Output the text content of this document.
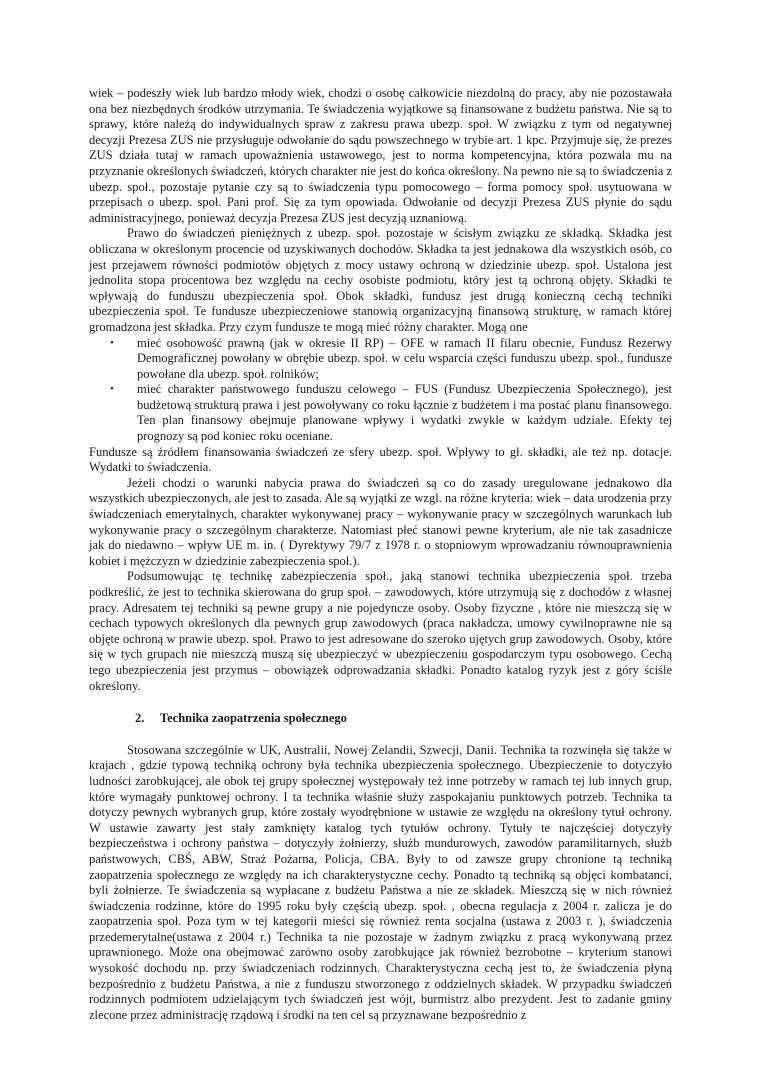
wiek – podeszły wiek lub bardzo młody wiek, chodzi o osobę całkowicie niezdolną do pracy, aby nie pozostawała ona bez niezbędnych środków utrzymania. Te świadczenia wyjątkowe są finansowane z budżetu państwa. Nie są to sprawy, które należą do indywidualnych spraw z zakresu prawa ubezp. społ. W związku z tym od negatywnej decyzji Prezesa ZUS nie przysługuje odwołanie do sądu powszechnego w trybie art. 1 kpc. Przyjmuje się, że prezes ZUS działa tutaj w ramach upoważnienia ustawowego, jest to norma kompetencyjna, która pozwala mu na przyznanie określonych świadczeń, których charakter nie jest do końca określony. Na pewno nie są to świadczenia z ubezp. społ., pozostaje pytanie czy są to świadczenia typu pomocowego – forma pomocy społ. usytuowana w przepisach o ubezp. społ. Pani prof. Się za tym opowiada. Odwołanie od decyzji Prezesa ZUS płynie do sądu administracyjnego, ponieważ decyzja Prezesa ZUS jest decyzją uznaniową.

Prawo do świadczeń pieniężnych z ubezp. społ. pozostaje w ścisłym związku ze składką. Składka jest obliczana w określonym procencie od uzyskiwanych dochodów. Składka ta jest jednakowa dla wszystkich osób, co jest przejawem równości podmiotów objętych z mocy ustawy ochroną w dziedzinie ubezp. społ. Ustalona jest jednolita stopa procentowa bez względu na cechy osobiste podmiotu, który jest tą ochroną objęty. Składki te wpływają do funduszu ubezpieczenia społ. Obok składki, fundusz jest drugą konieczną cechą techniki ubezpieczenia społ. Te fundusze ubezpieczeniowe stanowią organizacyjną finansową strukturę, w ramach której gromadzona jest składka. Przy czym fundusze te mogą mieć różny charakter. Mogą one

• mieć osobowość prawną (jak w okresie II RP) – OFE w ramach II filaru obecnie, Fundusz Rezerwy Demograficznej powołany w obrębie ubezp. społ. w celu wsparcia części funduszu ubezp. społ., fundusze powołane dla ubezp. społ. rolników;
• mieć charakter państwowego funduszu celowego – FUS (Fundusz Ubezpieczenia Społecznego), jest budżetową strukturą prawa i jest powoływany co roku łącznie z budżetem i ma postać planu finansowego. Ten plan finansowy obejmuje planowane wpływy i wydatki zwykle w każdym udziale. Efekty tej prognozy są pod koniec roku oceniane.

Fundusze są źródłem finansowania świadczeń ze sfery ubezp. społ. Wpływy to gł. składki, ale też np. dotacje. Wydatki to świadczenia.

Jeżeli chodzi o warunki nabycia prawa do świadczeń są co do zasady uregulowane jednakowo dla wszystkich ubezpieczonych, ale jest to zasada. Ale są wyjątki ze wzgl. na różne kryteria: wiek – data urodzenia przy świadczeniach emerytalnych, charakter wykonywanej pracy – wykonywanie pracy w szczególnych warunkach lub wykonywanie pracy o szczególnym charakterze. Natomiast płeć stanowi pewne kryterium, ale nie tak zasadnicze jak do niedawno – wpływ UE m. in. ( Dyrektywy 79/7 z 1978 r. o stopniowym wprowadzaniu równouprawnienia kobiet i mężczyzn w dziedzinie zabezpieczenia społ.).

Podsumowując tę technikę zabezpieczenia społ., jaką stanowi technika ubezpieczenia społ. trzeba podkreślić, że jest to technika skierowana do grup społ. – zawodowych, które utrzymują się z dochodów z własnej pracy. Adresatem tej techniki są pewne grupy a nie pojedyncze osoby. Osoby fizyczne , które nie mieszczą się w cechach typowych określonych dla pewnych grup zawodowych (praca nakładcza, umowy cywilnoprawne nie są objęte ochroną w prawie ubezp. społ. Prawo to jest adresowane do szeroko ujętych grup zawodowych. Osoby, które się w tych grupach nie mieszczą muszą się ubezpieczyć w ubezpieczeniu gospodarczym typu osobowego. Cechą tego ubezpieczenia jest przymus – obowiązek odprowadzania składki. Ponadto katalog ryzyk jest z góry ściśle określony.

2. Technika zaopatrzenia społecznego

Stosowana szczególnie w UK, Australii, Nowej Zelandii, Szwecji, Danii. Technika ta rozwinęła się także w krajach , gdzie typową techniką ochrony była technika ubezpieczenia społecznego. Ubezpieczenie to dotyczyło ludności zarobkującej, ale obok tej grupy społecznej występowały też inne potrzeby w ramach tej lub innych grup, które wymagały punktowej ochrony. I ta technika właśnie służy zaspokajaniu punktowych potrzeb. Technika ta dotyczy pewnych wybranych grup, które zostały wyodrębnione w ustawie ze względu na określony tytuł ochrony. W ustawie zawarty jest stały zamknięty katalog tych tytułów ochrony. Tytuły te najczęściej dotyczyły bezpieczeństwa i ochrony państwa – dotyczyły żołnierzy, służb mundurowych, zawodów paramilitarnych, służb państwowych, CBŚ, ABW, Straż Pożarna, Policja, CBA. Były to od zawsze grupy chronione tą techniką zaopatrzenia społecznego ze względy na ich charakterystyczne cechy. Ponadto tą techniką są objęci kombatanci, byli żołnierze. Te świadczenia są wypłacane z budżetu Państwa a nie ze składek. Mieszczą się w nich również świadczenia rodzinne, które do 1995 roku były częścią ubezp. społ. , obecna regulacja z 2004 r. zalicza je do zaopatrzenia społ. Poza tym w tej kategorii mieści się również renta socjalna (ustawa z 2003 r. ), świadczenia przedemerytalne(ustawa z 2004 r.) Technika ta nie pozostaje w żadnym związku z pracą wykonywaną przez uprawnionego. Może ona obejmować zarówno osoby zarobkujące jak również bezrobotne – kryterium stanowi wysokość dochodu np. przy świadczeniach rodzinnych. Charakterystyczna cechą jest to, że świadczenia płyną bezpośrednio z budżetu Państwa, a nie z funduszu stworzonego z oddzielnych składek. W przypadku świadczeń rodzinnych podmiotem udzielającym tych świadczeń jest wójt, burmistrz albo prezydent. Jest to zadanie gminy zlecone przez administrację rządową i środki na ten cel są przyznawane bezpośrednio z
